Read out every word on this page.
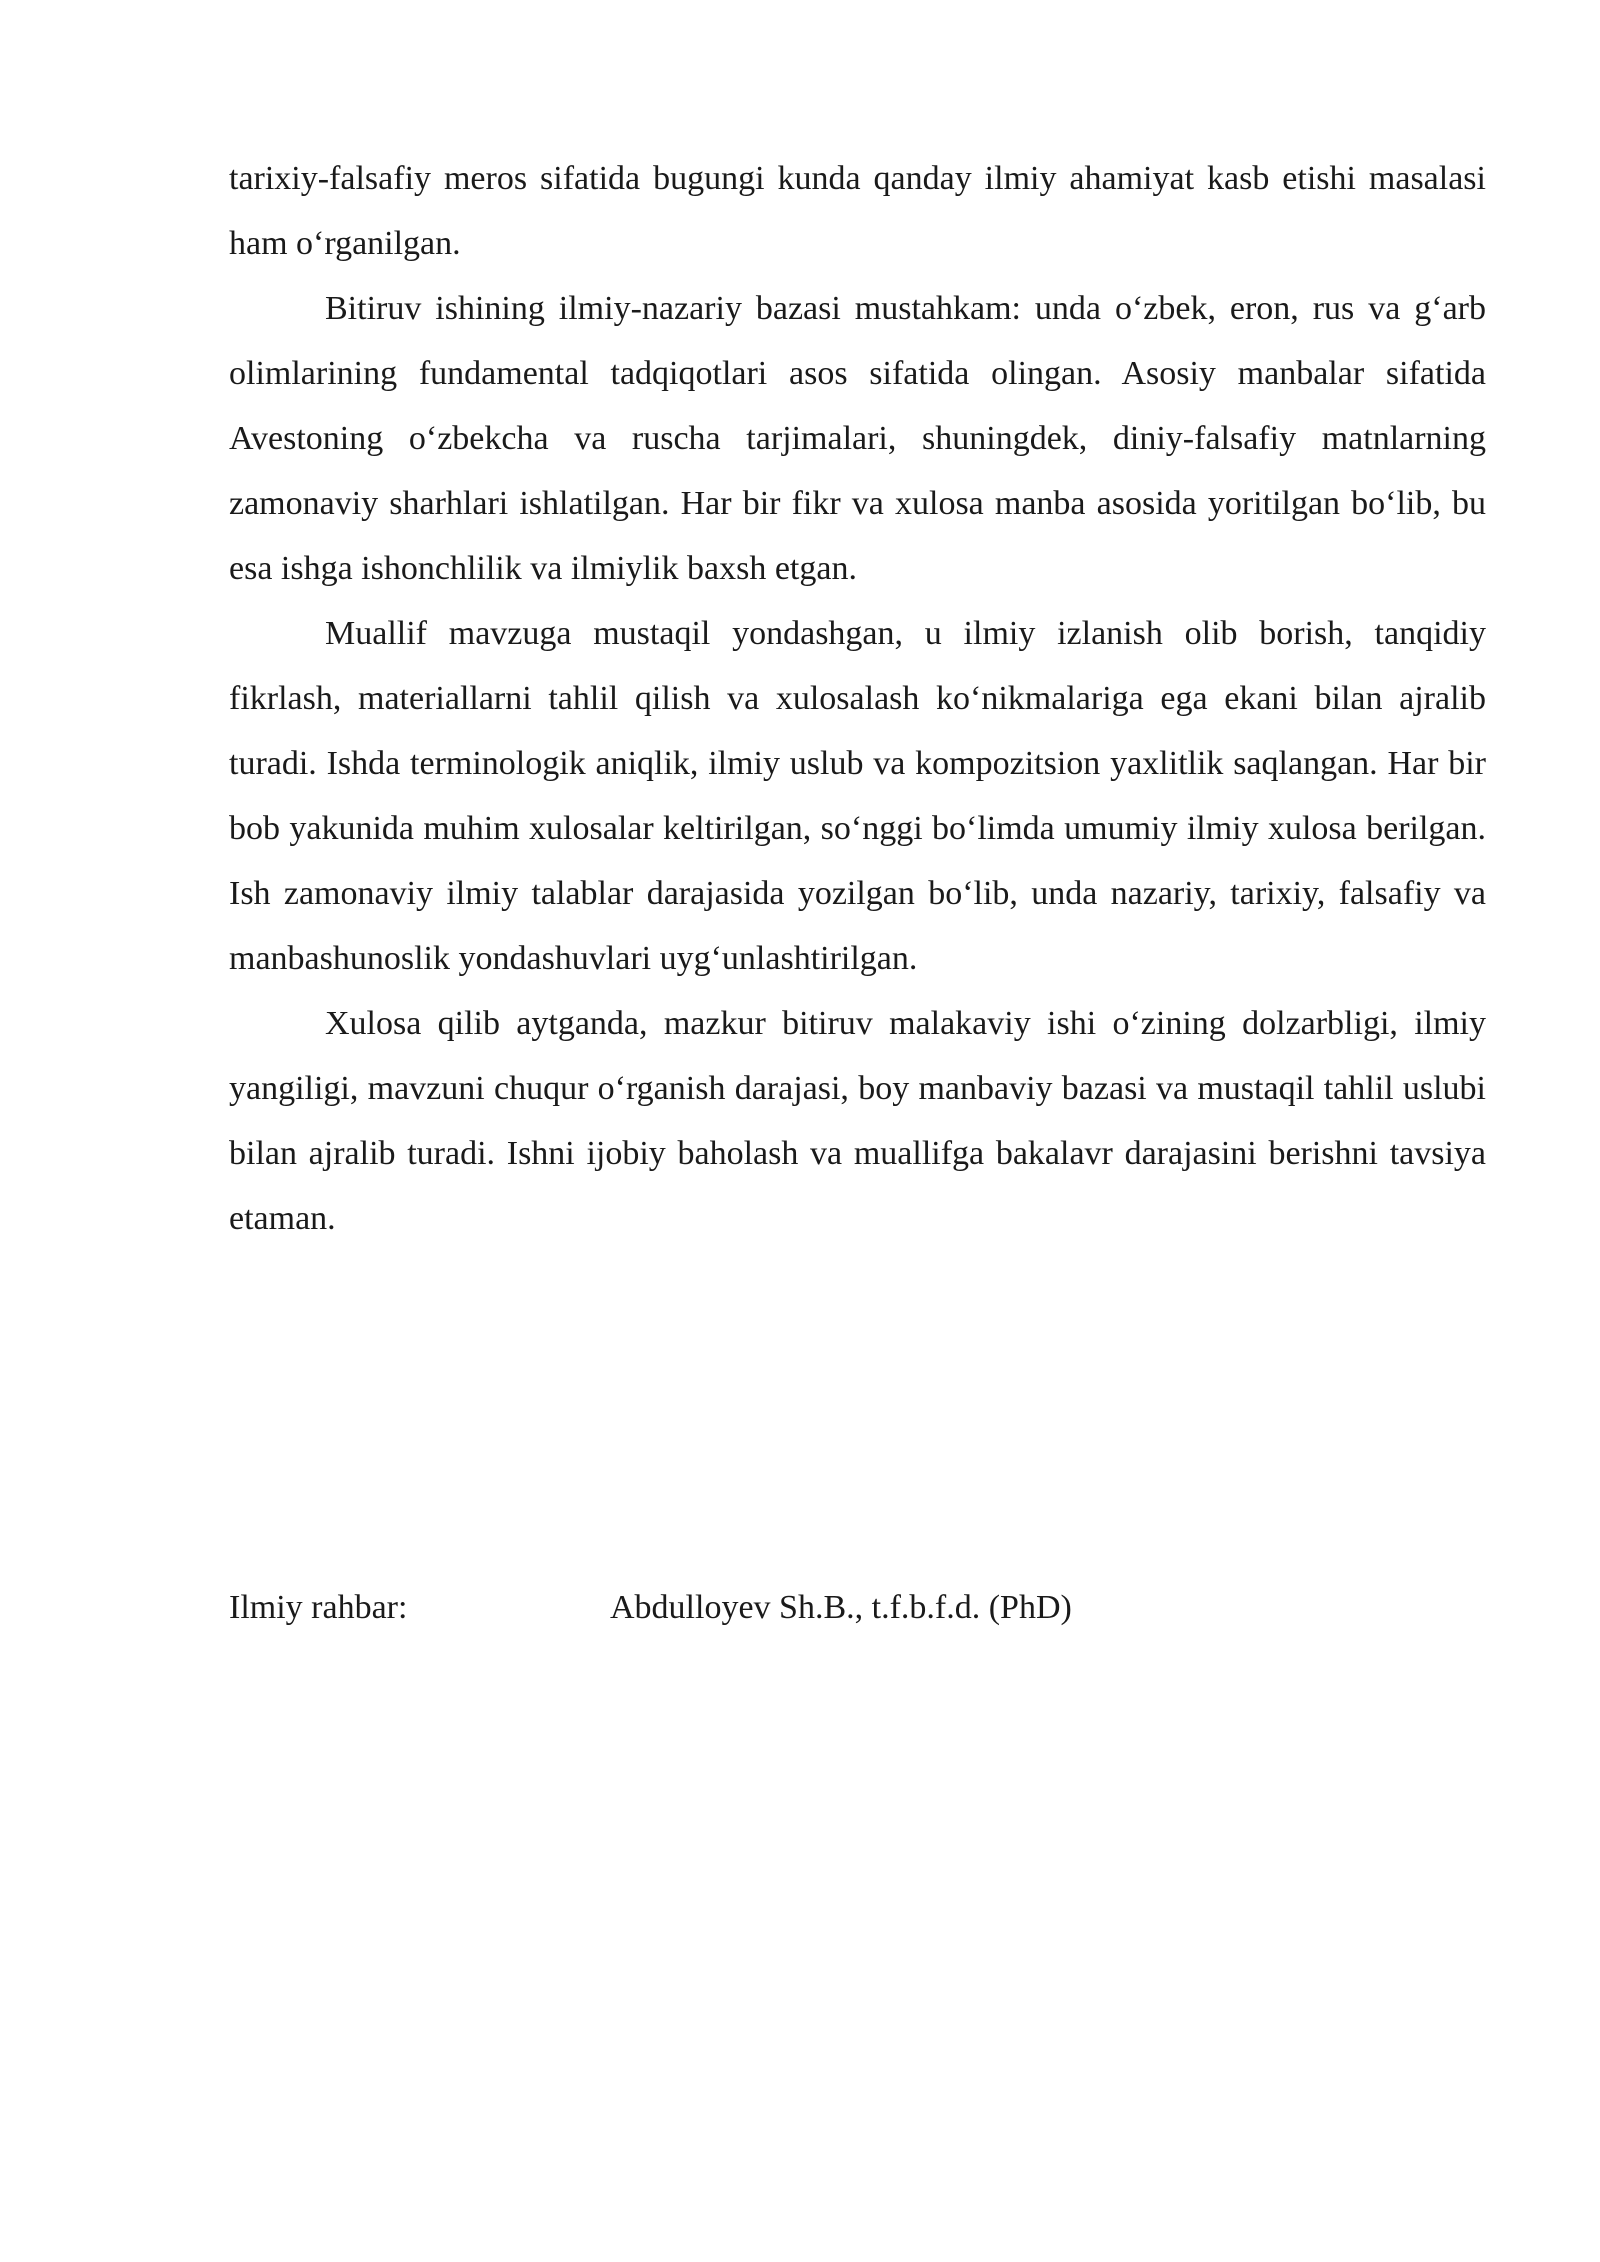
tarixiy-falsafiy meros sifatida bugungi kunda qanday ilmiy ahamiyat kasb etishi masalasi ham o‘rganilgan.

Bitiruv ishining ilmiy-nazariy bazasi mustahkam: unda o‘zbek, eron, rus va g‘arb olimlarining fundamental tadqiqotlari asos sifatida olingan. Asosiy manbalar sifatida Avestoning o‘zbekcha va ruscha tarjimalari, shuningdek, diniy-falsafiy matnlarning zamonaviy sharhlari ishlatilgan. Har bir fikr va xulosa manba asosida yoritilgan bo‘lib, bu esa ishga ishonchlilik va ilmiylik baxsh etgan.

Muallif mavzuga mustaqil yondashgan, u ilmiy izlanish olib borish, tanqidiy fikrlash, materiallarni tahlil qilish va xulosalash ko‘nikmalariga ega ekani bilan ajralib turadi. Ishda terminologik aniqlik, ilmiy uslub va kompozitsion yaxlitlik saqlangan. Har bir bob yakunida muhim xulosalar keltirilgan, so‘nggi bo‘limda umumiy ilmiy xulosa berilgan. Ish zamonaviy ilmiy talablar darajasida yozilgan bo‘lib, unda nazariy, tarixiy, falsafiy va manbashunoslik yondashuvlari uyg‘unlashtirilgan.

Xulosa qilib aytganda, mazkur bitiruv malakaviy ishi o‘zining dolzarbligi, ilmiy yangiligi, mavzuni chuqur o‘rganish darajasi, boy manbaviy bazasi va mustaqil tahlil uslubi bilan ajralib turadi. Ishni ijobiy baholash va muallifga bakalavr darajasini berishni tavsiya etaman.

Ilmiy rahbar:	Abdulloyev Sh.B., t.f.b.f.d. (PhD)
